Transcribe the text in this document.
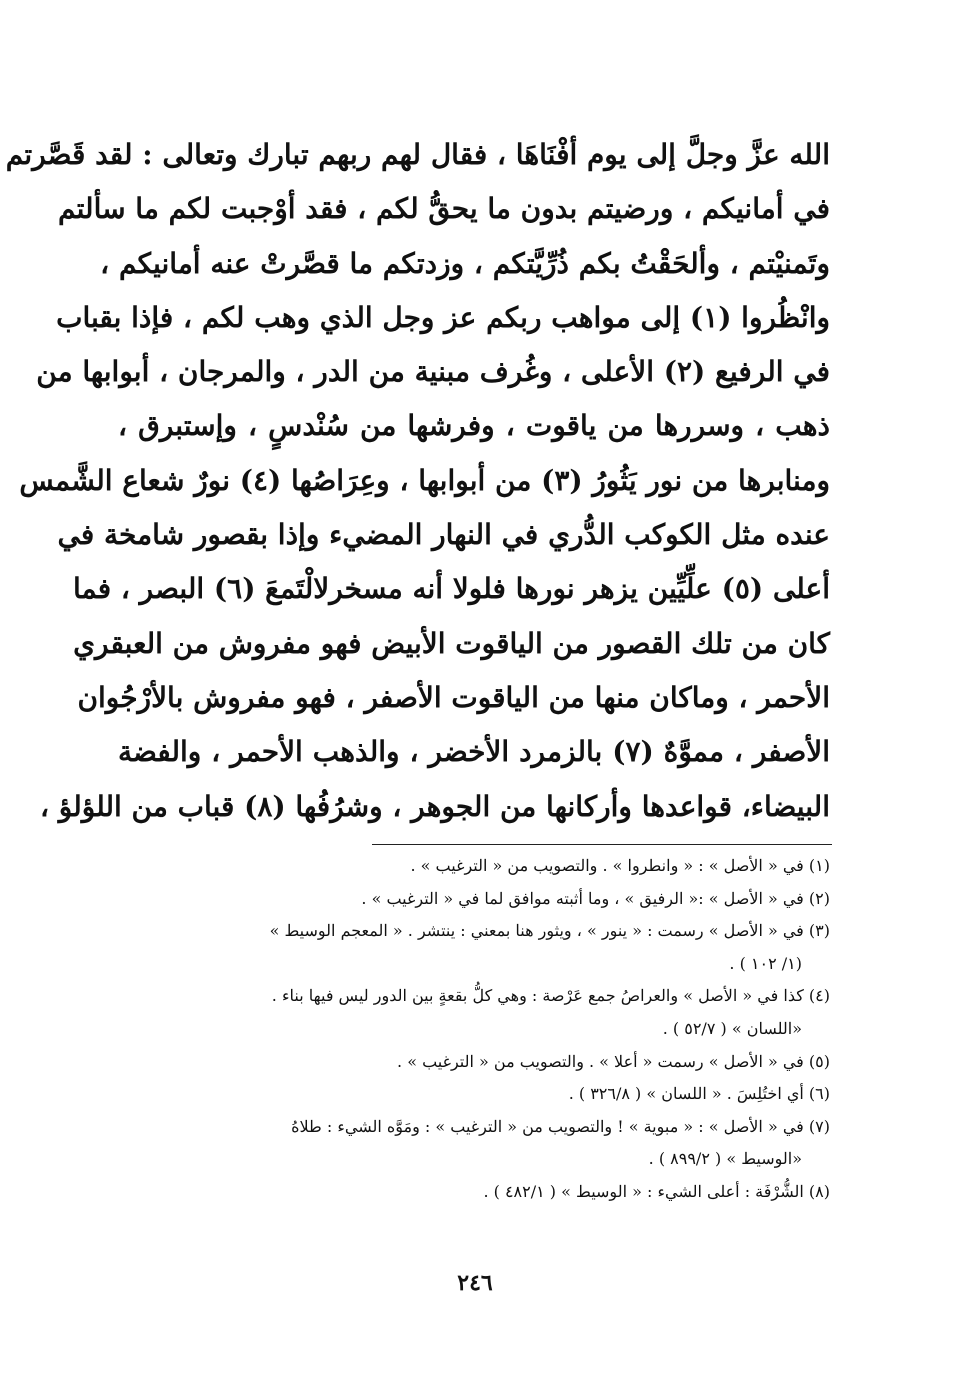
الله عزَّ وجلَّ إلى يوم أفْنَاهَا ، فقال لهم ربهم تبارك وتعالى : لقد قَصَّرتم
في أمانيكم ، ورضيتم بدون ما يحقُّ لكم ، فقد أوْجبت لكم ما سألتم
وتَمنيْتم ، وألحَقْتُ بكم ذُرِّيَّتكم ، وزدتكم ما قصَّرتْ عنه أمانيكم ،
وانْظُروا (١) إلى مواهب ربكم عز وجل الذي وهب لكم ، فإذا بقباب
في الرفيع (٢) الأعلى ، وغُرف مبنية من الدر ، والمرجان ، أبوابها من
ذهب ، وسررها من ياقوت ، وفرشها من سُنْدسٍ ، وإستبرق ،
ومنابرها من نور يَثُورُ (٣) من أبوابها ، وعِرَاصُها (٤) نورٌ شعاع الشَّمس
عنده مثل الكوكب الدُّري في النهار المضيء وإذا بقصور شامخة في
أعلى (٥) علِّيِّين يزهر نورها فلولا أنه مسخرلالْتَمعَ (٦) البصر ، فما
كان من تلك القصور من الياقوت الأبيض فهو مفروش من العبقري
الأحمر ، وماكان منها من الياقوت الأصفر ، فهو مفروش بالأرْجُوان
الأصفر ، مموَّهٌ (٧) بالزمرد الأخضر ، والذهب الأحمر ، والفضة
البيضاء، قواعدها وأركانها من الجوهر ، وشرُفُها (٨) قباب من اللؤلؤ ،
(١) في « الأصل » : « وانطروا » . والتصويب من « الترغيب » .
(٢) في « الأصل » :« الرفيق » ، وما أثبته موافق لما في « الترغيب » .
(٣) في « الأصل » رسمت : « ينور » ، ويثور هنا بمعني : ينتشر . « المعجم الوسيط »
(١/ ١٠٢ ) .
(٤) كذا في « الأصل » والعراصُ جمع عَرْصة : وهي كلُّ بقعةٍ بين الدور ليس فيها بناء .
«اللسان » ( ٥٢/٧ ) .
(٥) في « الأصل » رسمت « أعلا » . والتصويب من « الترغيب » .
(٦) أي اختُلِسَ . « اللسان » ( ٣٢٦/٨ ) .
(٧) في « الأصل » : « مبوية » ! والتصويب من « الترغيب » : ومَوَّه الشيء : طلاهُ
«الوسيط » ( ٨٩٩/٢ ) .
(٨) الشُّرْفَة : أعلى الشيء : « الوسيط » ( ٤٨٢/١ ) .
٢٤٦
